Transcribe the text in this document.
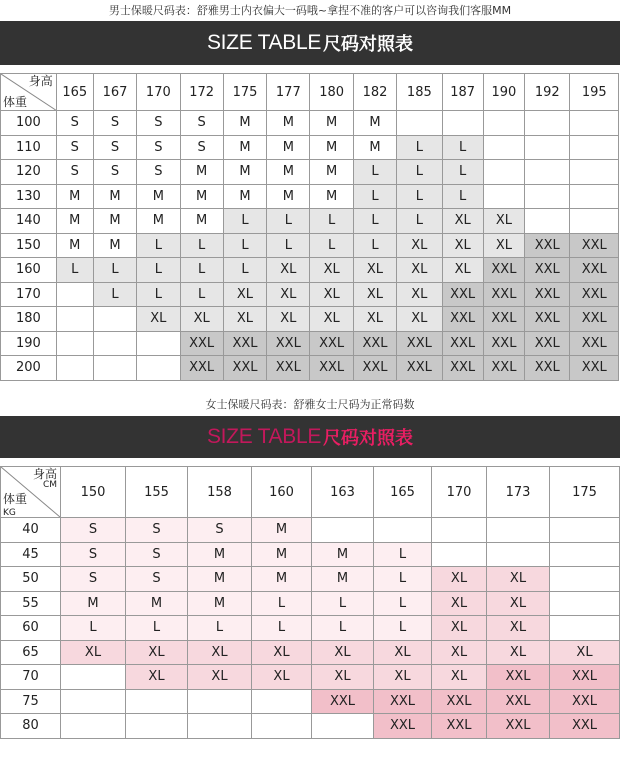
男士保暖尺码表：舒雅男士内衣偏大一码哦~拿捏不准的客户可以咨询我们客服MM
SIZE TABLE 尺码对照表
身高
体重	165	167	170	172	175	177	180	182	185	187	190	192	195
100	S	S	S	S	M	M	M	M					
110	S	S	S	S	M	M	M	M	L	L			
120	S	S	S	M	M	M	M	L	L	L			
130	M	M	M	M	M	M	M	L	L	L			
140	M	M	M	M	L	L	L	L	L	XL	XL		
150	M	M	L	L	L	L	L	L	XL	XL	XL	XXL	XXL
160	L	L	L	L	L	XL	XL	XL	XL	XL	XXL	XXL	XXL
170		L	L	L	XL	XL	XL	XL	XL	XXL	XXL	XXL	XXL
180			XL	XL	XL	XL	XL	XL	XL	XXL	XXL	XXL	XXL
190				XXL	XXL	XXL	XXL	XXL	XXL	XXL	XXL	XXL	XXL
200				XXL	XXL	XXL	XXL	XXL	XXL	XXL	XXL	XXL	XXL
女士保暖尺码表：舒雅女士尺码为正常码数
SIZE TABLE 尺码对照表
身高
CM
体重
KG	150	155	158	160	163	165	170	173	175
40	S	S	S	M					
45	S	S	M	M	M	L			
50	S	S	M	M	M	L	XL	XL	
55	M	M	M	L	L	L	XL	XL	
60	L	L	L	L	L	L	XL	XL	
65	XL	XL	XL	XL	XL	XL	XL	XL	XL
70		XL	XL	XL	XL	XL	XL	XXL	XXL
75					XXL	XXL	XXL	XXL	XXL
80						XXL	XXL	XXL	XXL
